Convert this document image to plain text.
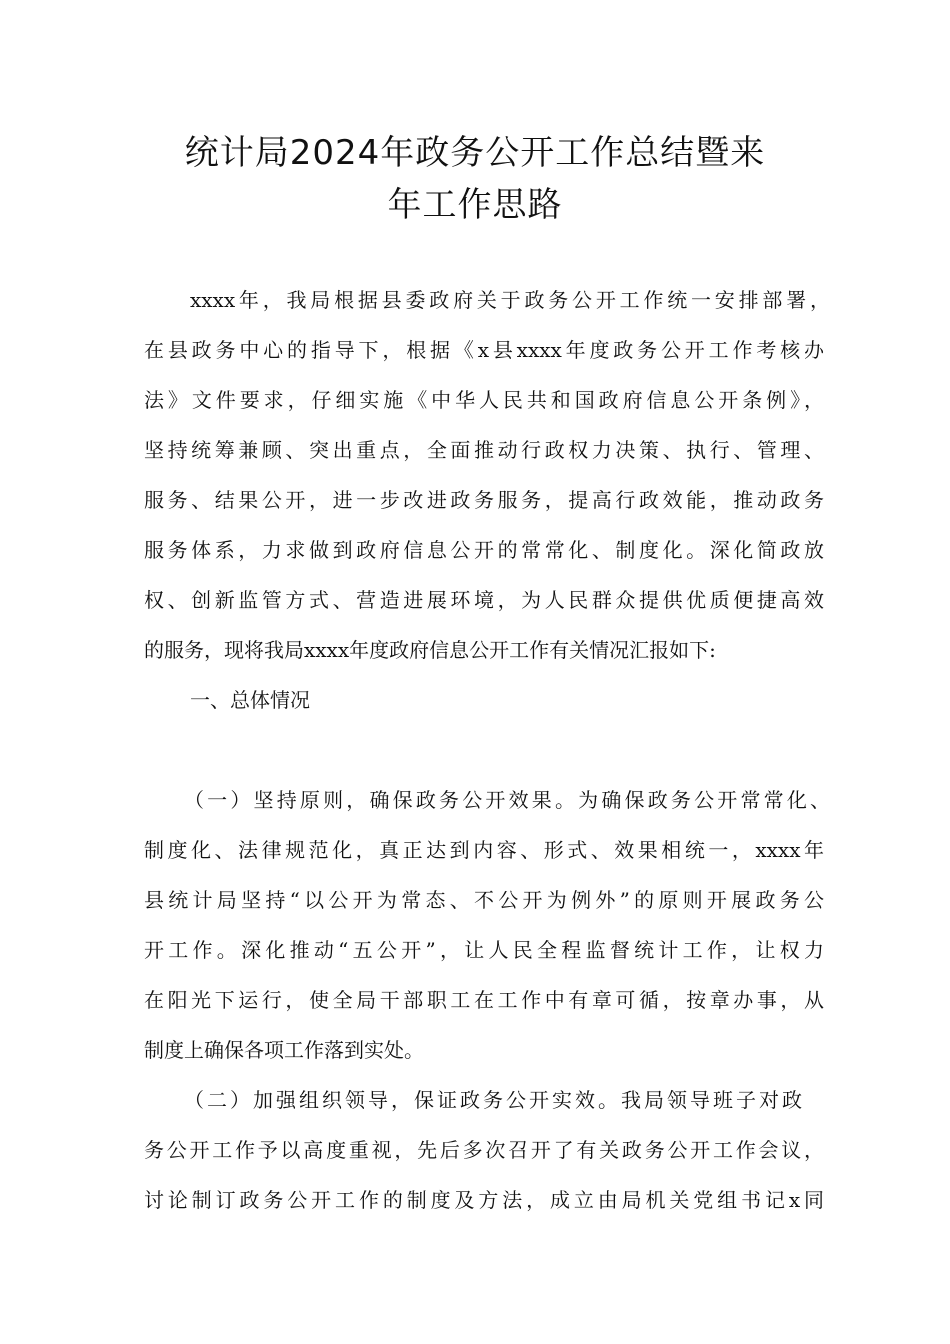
统计局2024年政务公开工作总结暨来
年工作思路
xxxx年，我局根据县委政府关于政务公开工作统一安排部署，
在县政务中心的指导下，根据《x县xxxx年度政务公开工作考核办
法》文件要求，仔细实施《中华人民共和国政府信息公开条例》，
坚持统筹兼顾、突出重点，全面推动行政权力决策、执行、管理、
服务、结果公开，进一步改进政务服务，提高行政效能，推动政务
服务体系，力求做到政府信息公开的常常化、制度化。深化简政放
权、创新监管方式、营造进展环境，为人民群众提供优质便捷高效
的服务，现将我局xxxx年度政府信息公开工作有关情况汇报如下:
一、总体情况
（一）坚持原则，确保政务公开效果。为确保政务公开常常化、
制度化、法律规范化，真正达到内容、形式、效果相统一，xxxx年
县统计局坚持“以公开为常态、不公开为例外”的原则开展政务公
开工作。深化推动“五公开”，让人民全程监督统计工作，让权力
在阳光下运行，使全局干部职工在工作中有章可循，按章办事，从
制度上确保各项工作落到实处。
（二）加强组织领导，保证政务公开实效。我局领导班子对政
务公开工作予以高度重视，先后多次召开了有关政务公开工作会议，
讨论制订政务公开工作的制度及方法，成立由局机关党组书记x同
